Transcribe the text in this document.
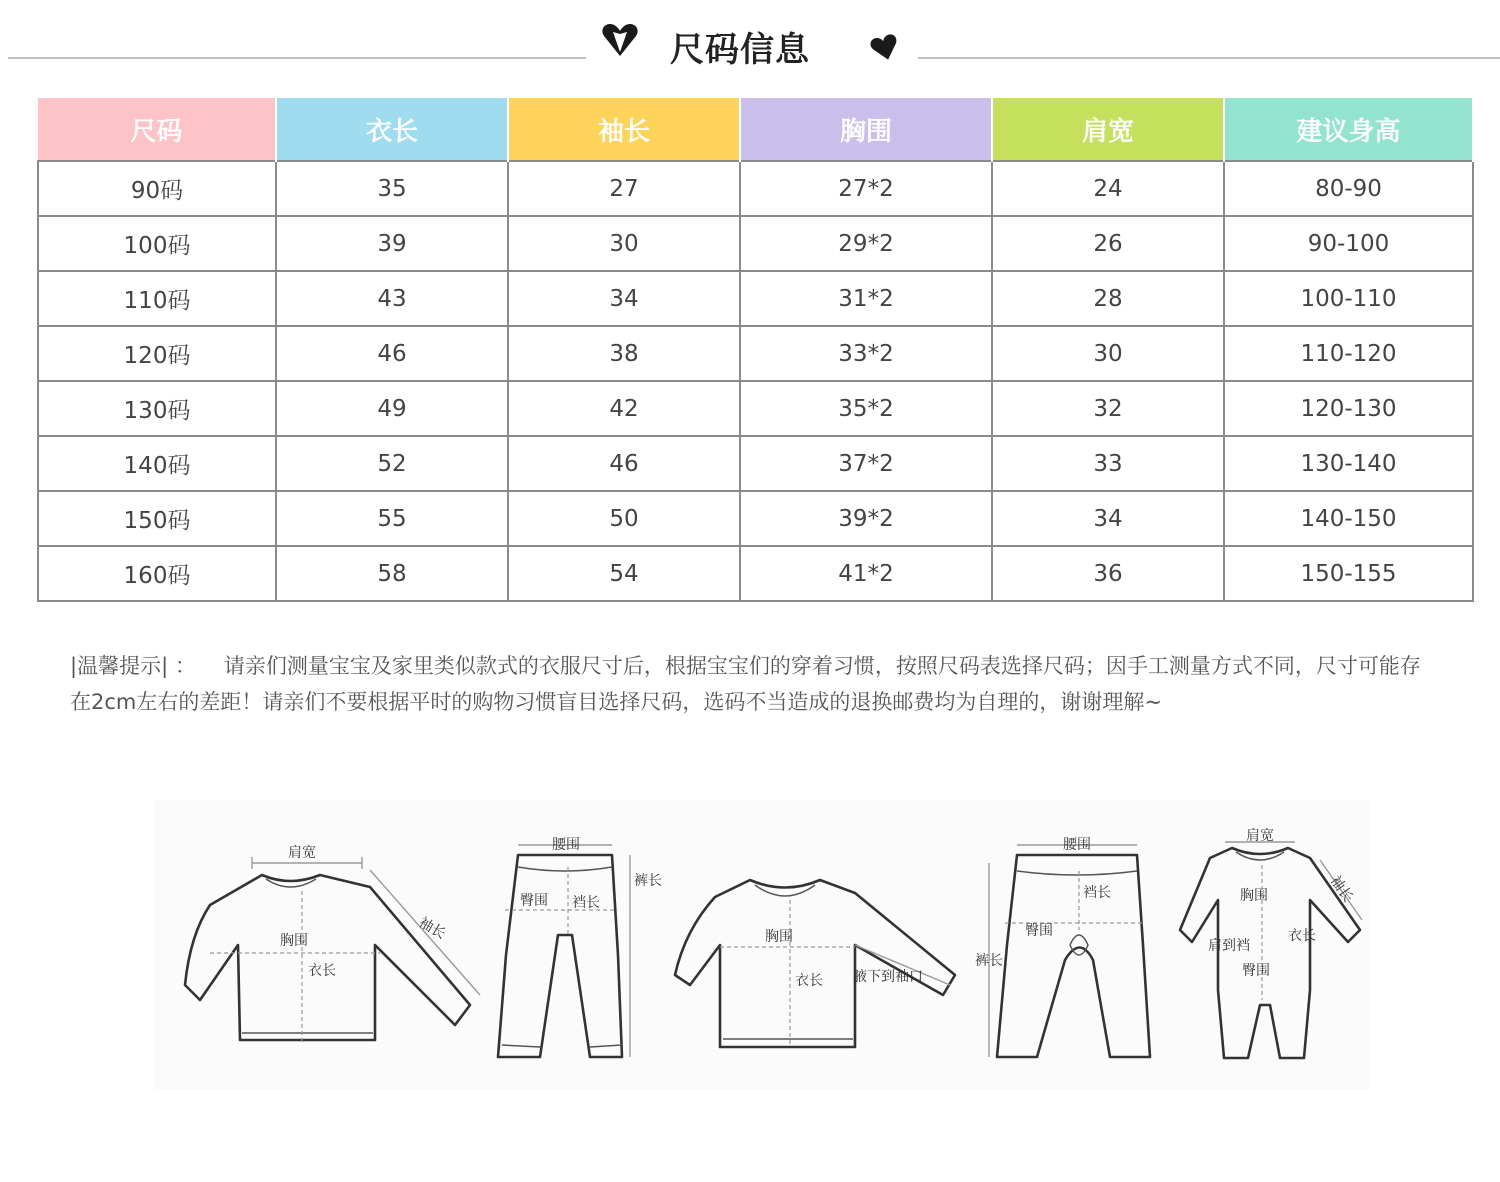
尺码信息
尺码	衣长	袖长	胸围	肩宽	建议身高
90码	35	27	27*2	24	80-90
100码	39	30	29*2	26	90-100
110码	43	34	31*2	28	100-110
120码	46	38	33*2	30	110-120
130码	49	42	35*2	32	120-130
140码	52	46	37*2	33	130-140
150码	55	50	39*2	34	140-150
160码	58	54	41*2	36	150-155
|温馨提示| ： 请亲们测量宝宝及家里类似款式的衣服尺寸后，根据宝宝们的穿着习惯，按照尺码表选择尺码；因手工测量方式不同，尺寸可能存在2cm左右的差距！请亲们不要根据平时的购物习惯盲目选择尺码，选码不当造成的退换邮费均为自理的，谢谢理解~
肩宽
袖长
胸围
衣长
腰围
裤长
臀围 裆长
胸围
衣长 腋下到袖口
腰围
裤长
臀围
裆长
肩宽
袖长
胸围
衣长
肩到裆
臀围
